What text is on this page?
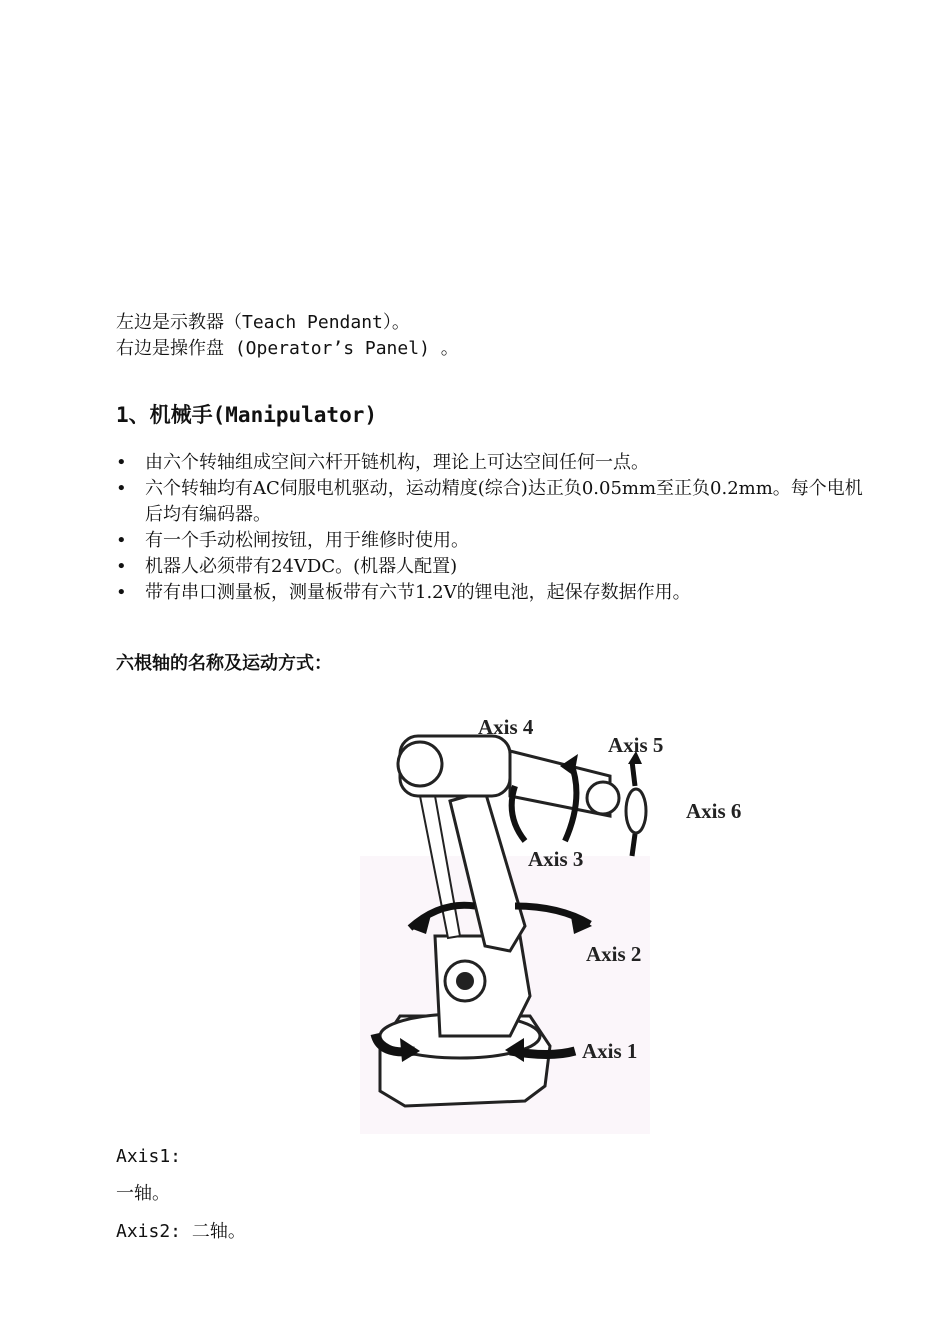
左边是示教器（Teach Pendant）。
右边是操作盘 (Operator’s Panel) 。
1、机械手(Manipulator)
• 由六个转轴组成空间六杆开链机构，理论上可达空间任何一点。
• 六个转轴均有AC伺服电机驱动，运动精度(综合)达正负0.05mm至正负0.2mm。每个电机后均有编码器。
• 有一个手动松闸按钮，用于维修时使用。
• 机器人必须带有24VDC。(机器人配置)
• 带有串口测量板，测量板带有六节1.2V的锂电池，起保存数据作用。
六根轴的名称及运动方式：
Axis 4
Axis 5
Axis 6
Axis 3
Axis 2
Axis 1
Axis1:
一轴。
Axis2: 二轴。
